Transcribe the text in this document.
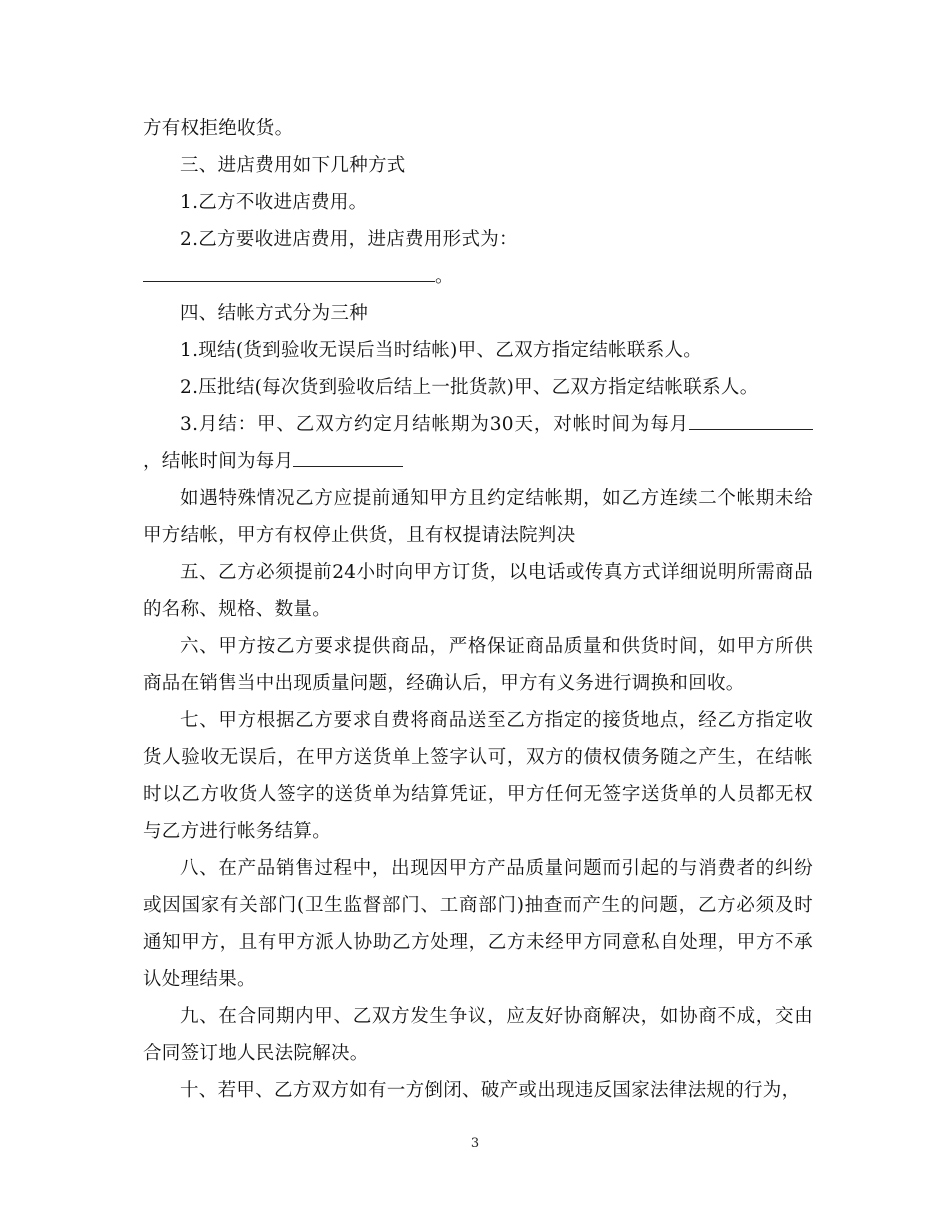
方有权拒绝收货。

三、进店费用如下几种方式

1.乙方不收进店费用。

2.乙方要收进店费用，进店费用形式为：

。

四、结帐方式分为三种

1.现结(货到验收无误后当时结帐)甲、乙双方指定结帐联系人。

2.压批结(每次货到验收后结上一批货款)甲、乙双方指定结帐联系人。

3.月结：甲、乙双方约定月结帐期为30天，对帐时间为每月，结帐时间为每月

如遇特殊情况乙方应提前通知甲方且约定结帐期，如乙方连续二个帐期未给甲方结帐，甲方有权停止供货，且有权提请法院判决

五、乙方必须提前24小时向甲方订货，以电话或传真方式详细说明所需商品的名称、规格、数量。

六、甲方按乙方要求提供商品，严格保证商品质量和供货时间，如甲方所供商品在销售当中出现质量问题，经确认后，甲方有义务进行调换和回收。

七、甲方根据乙方要求自费将商品送至乙方指定的接货地点，经乙方指定收货人验收无误后，在甲方送货单上签字认可，双方的债权债务随之产生，在结帐时以乙方收货人签字的送货单为结算凭证，甲方任何无签字送货单的人员都无权与乙方进行帐务结算。

八、在产品销售过程中，出现因甲方产品质量问题而引起的与消费者的纠纷或因国家有关部门(卫生监督部门、工商部门)抽查而产生的问题，乙方必须及时通知甲方，且有甲方派人协助乙方处理，乙方未经甲方同意私自处理，甲方不承认处理结果。

九、在合同期内甲、乙双方发生争议，应友好协商解决，如协商不成，交由合同签订地人民法院解决。

十、若甲、乙方双方如有一方倒闭、破产或出现违反国家法律法规的行为，

3
